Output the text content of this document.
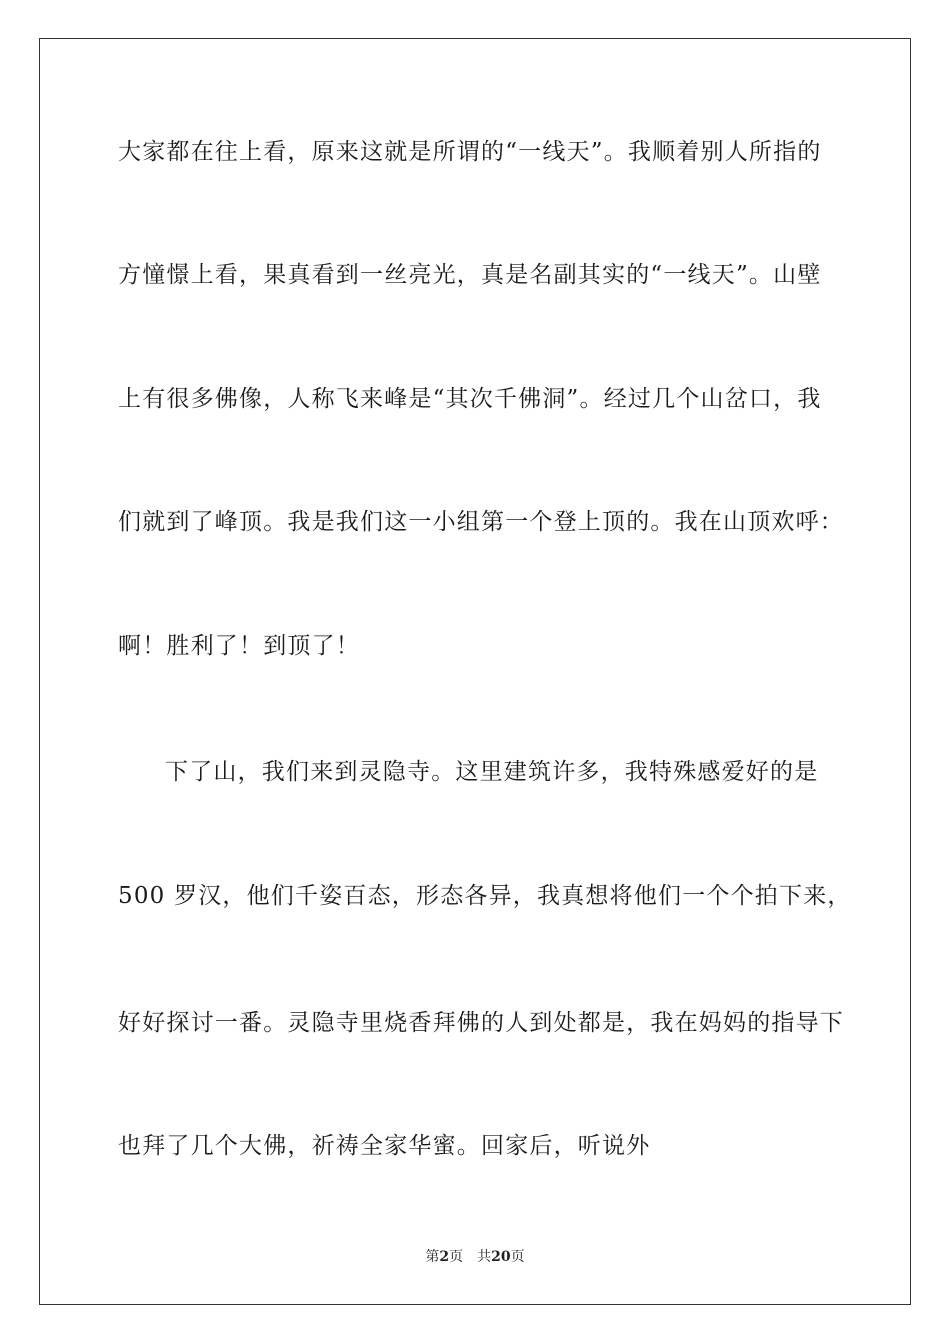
大家都在往上看，原来这就是所谓的“一线天”。我顺着别人所指的
方憧憬上看，果真看到一丝亮光，真是名副其实的“一线天”。山壁
上有很多佛像，人称飞来峰是“其次千佛洞”。经过几个山岔口，我
们就到了峰顶。我是我们这一小组第一个登上顶的。我在山顶欢呼：
啊！胜利了！到顶了！
下了山，我们来到灵隐寺。这里建筑许多，我特殊感爱好的是
500 罗汉，他们千姿百态，形态各异，我真想将他们一个个拍下来，
好好探讨一番。灵隐寺里烧香拜佛的人到处都是，我在妈妈的指导下
也拜了几个大佛，祈祷全家华蜜。回家后，听说外
第2页 共20页
